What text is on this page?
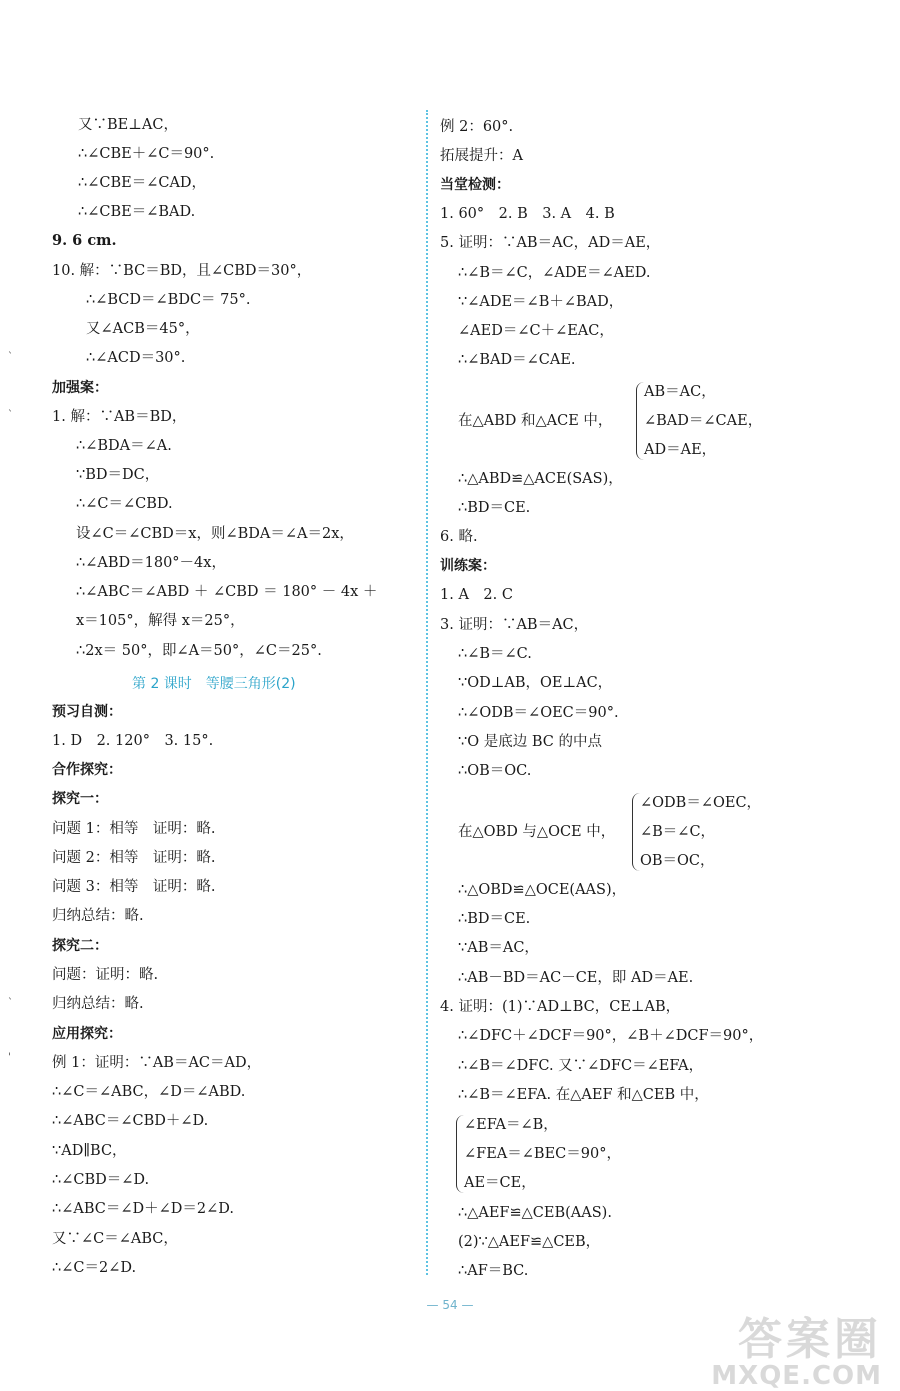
又∵BE⊥AC，
∴∠CBE＋∠C＝90°.
∴∠CBE＝∠CAD，
∴∠CBE＝∠BAD.
9. 6 cm.
10. 解：∵BC＝BD，且∠CBD＝30°，
∴∠BCD＝∠BDC＝ 75°.
又∠ACB＝45°，
∴∠ACD＝30°.
加强案：
1. 解：∵AB＝BD，
∴∠BDA＝∠A.
∵BD＝DC，
∴∠C＝∠CBD.
设∠C＝∠CBD＝x，则∠BDA＝∠A＝2x，
∴∠ABD＝180°－4x，
∴∠ABC＝∠ABD ＋ ∠CBD ＝ 180° － 4x ＋
x＝105°，解得 x＝25°，
∴2x＝ 50°，即∠A＝50°，∠C＝25°.
第 2 课时　等腰三角形(2)
预习自测：
1. D　2. 120°　3. 15°.
合作探究：
探究一：
问题 1：相等　证明：略.
问题 2：相等　证明：略.
问题 3：相等　证明：略.
归纳总结：略.
探究二：
问题：证明：略.
归纳总结：略.
应用探究：
例 1：证明：∵AB＝AC＝AD，
∴∠C＝∠ABC，∠D＝∠ABD.
∴∠ABC＝∠CBD＋∠D.
∵AD∥BC，
∴∠CBD＝∠D.
∴∠ABC＝∠D＋∠D＝2∠D.
又∵∠C＝∠ABC，
∴∠C＝2∠D.
例 2：60°.
拓展提升：A
当堂检测：
1. 60°　2. B　3. A　4. B
5. 证明：∵AB＝AC，AD＝AE，
∴∠B＝∠C，∠ADE＝∠AED.
∵∠ADE＝∠B＋∠BAD，
∠AED＝∠C＋∠EAC，
∴∠BAD＝∠CAE.
AB＝AC，
在△ABD 和△ACE 中， ∠BAD＝∠CAE，
AD＝AE，
∴△ABD≌△ACE(SAS)，
∴BD＝CE.
6. 略.
训练案：
1. A　2. C
3. 证明：∵AB＝AC，
∴∠B＝∠C.
∵OD⊥AB，OE⊥AC，
∴∠ODB＝∠OEC＝90°.
∵O 是底边 BC 的中点
∴OB＝OC.
∠ODB＝∠OEC，
在△OBD 与△OCE 中， ∠B＝∠C，
OB＝OC，
∴△OBD≌△OCE(AAS)，
∴BD＝CE.
∵AB＝AC，
∴AB－BD＝AC－CE，即 AD＝AE.
4. 证明：(1)∵AD⊥BC，CE⊥AB，
∴∠DFC＋∠DCF＝90°，∠B＋∠DCF＝90°，
∴∠B＝∠DFC. 又∵∠DFC＝∠EFA，
∴∠B＝∠EFA. 在△AEF 和△CEB 中，
∠EFA＝∠B，
∠FEA＝∠BEC＝90°，
AE＝CE，
∴△AEF≌△CEB(AAS).
(2)∵△AEF≌△CEB，
∴AF＝BC.
`
`
`
'
— 54 —
答案圈
MXQE.COM
